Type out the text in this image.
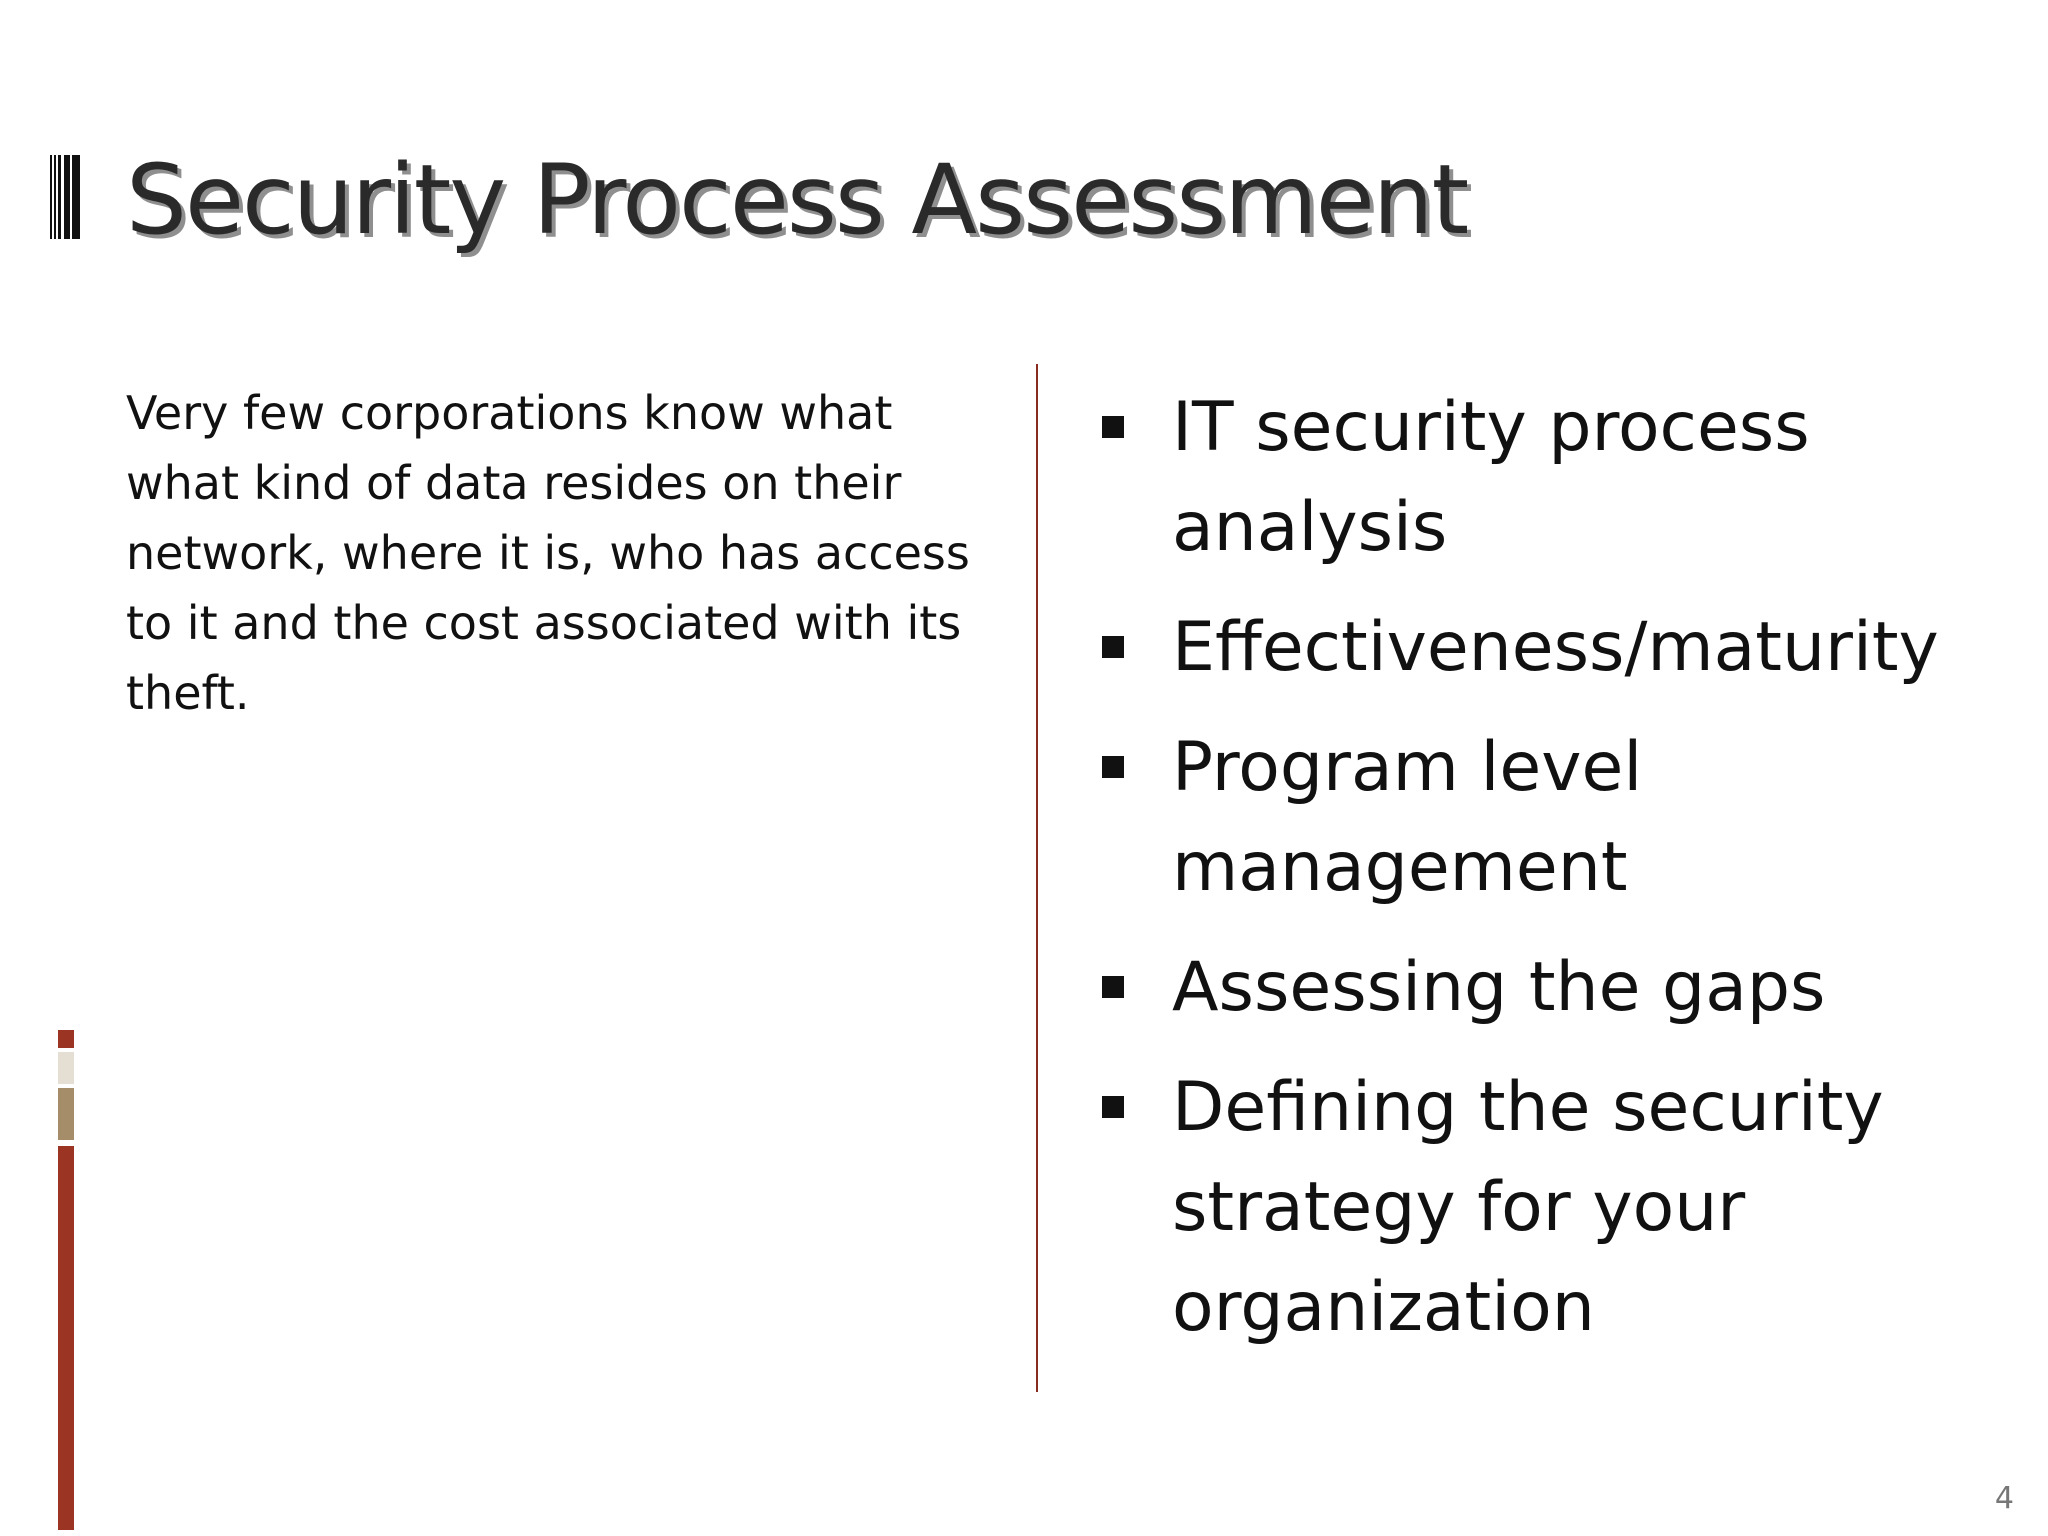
Security Process Assessment

Very few corporations know what what kind of data resides on their network, where it is, who has access to it and the cost associated with its theft.

IT security process analysis
Effectiveness/maturity
Program level management
Assessing the gaps
Defining the security strategy for your organization
4
